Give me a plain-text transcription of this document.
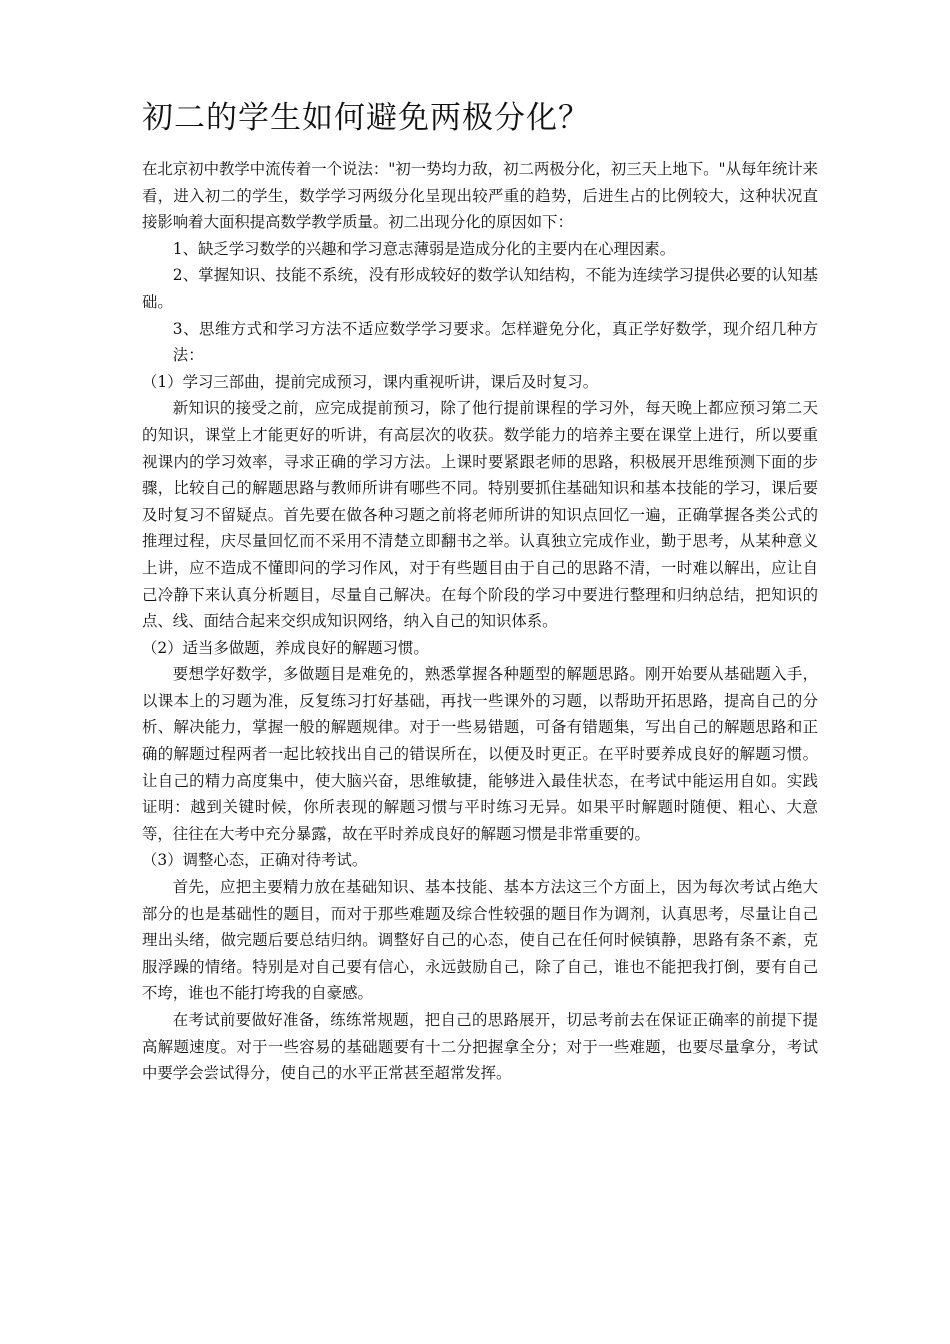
初二的学生如何避免两极分化？

在北京初中教学中流传着一个说法："初一势均力敌，初二两极分化，初三天上地下。"从每年统计来看，进入初二的学生，数学学习两级分化呈现出较严重的趋势，后进生占的比例较大，这种状况直接影响着大面积提高数学教学质量。初二出现分化的原因如下：

1、缺乏学习数学的兴趣和学习意志薄弱是造成分化的主要内在心理因素。

2、掌握知识、技能不系统，没有形成较好的数学认知结构，不能为连续学习提供必要的认知基础。

3、思维方式和学习方法不适应数学学习要求。怎样避免分化，真正学好数学，现介绍几种方法：

（1）学习三部曲，提前完成预习，课内重视听讲，课后及时复习。

新知识的接受之前，应完成提前预习，除了他行提前课程的学习外，每天晚上都应预习第二天的知识，课堂上才能更好的听讲，有高层次的收获。数学能力的培养主要在课堂上进行，所以要重视课内的学习效率，寻求正确的学习方法。上课时要紧跟老师的思路，积极展开思维预测下面的步骤，比较自己的解题思路与教师所讲有哪些不同。特别要抓住基础知识和基本技能的学习，课后要及时复习不留疑点。首先要在做各种习题之前将老师所讲的知识点回忆一遍，正确掌握各类公式的推理过程，庆尽量回忆而不采用不清楚立即翻书之举。认真独立完成作业，勤于思考，从某种意义上讲，应不造成不懂即问的学习作风，对于有些题目由于自己的思路不清，一时难以解出，应让自己冷静下来认真分析题目，尽量自己解决。在每个阶段的学习中要进行整理和归纳总结，把知识的点、线、面结合起来交织成知识网络，纳入自己的知识体系。

（2）适当多做题，养成良好的解题习惯。

要想学好数学，多做题目是难免的，熟悉掌握各种题型的解题思路。刚开始要从基础题入手，以课本上的习题为准，反复练习打好基础，再找一些课外的习题，以帮助开拓思路，提高自己的分析、解决能力，掌握一般的解题规律。对于一些易错题，可备有错题集，写出自己的解题思路和正确的解题过程两者一起比较找出自己的错误所在，以便及时更正。在平时要养成良好的解题习惯。让自己的精力高度集中，使大脑兴奋，思维敏捷，能够进入最佳状态，在考试中能运用自如。实践证明：越到关键时候，你所表现的解题习惯与平时练习无异。如果平时解题时随便、粗心、大意等，往往在大考中充分暴露，故在平时养成良好的解题习惯是非常重要的。

（3）调整心态，正确对待考试。

首先，应把主要精力放在基础知识、基本技能、基本方法这三个方面上，因为每次考试占绝大部分的也是基础性的题目，而对于那些难题及综合性较强的题目作为调剂，认真思考，尽量让自己理出头绪，做完题后要总结归纳。调整好自己的心态，使自己在任何时候镇静，思路有条不紊，克服浮躁的情绪。特别是对自己要有信心，永远鼓励自己，除了自己，谁也不能把我打倒，要有自己不垮，谁也不能打垮我的自豪感。

在考试前要做好准备，练练常规题，把自己的思路展开，切忌考前去在保证正确率的前提下提高解题速度。对于一些容易的基础题要有十二分把握拿全分；对于一些难题，也要尽量拿分，考试中要学会尝试得分，使自己的水平正常甚至超常发挥。
